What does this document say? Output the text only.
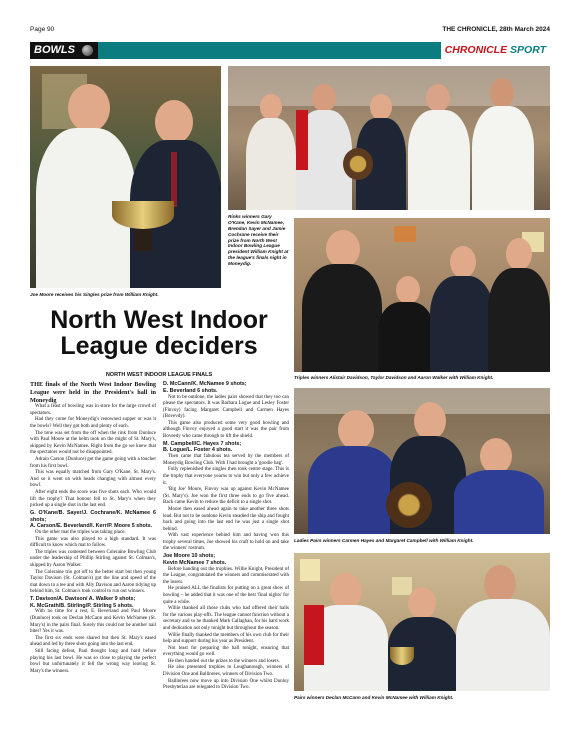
Page 90	THE CHRONICLE, 28th March 2024
BOWLS	CHRONICLE SPORT
Joe Moore receives his Singles prize from William Knight.
Rinks winners Gary O'Kane, Kevin McNamee, Brendan Sayer and Jamie Cochrane receive their prize from North West Indoor Bowling League president William Knight at the league's finals night in Moneydig.
Triples winners Alistair Davidson, Taylor Davidson and Aaron Walker with William Knight.
Ladies Pairs winners Carmen Hayes and Margaret Campbell with William Knight.
Pairs winners Declan McCann and Kevin McNamee with William Knight.
North West Indoor League deciders
NORTH WEST INDOOR LEAGUE FINALS

THE finals of the North West Indoor Bowling League were held in the President's hall in Moneydig

What a feast of bowling was in store for the large crowd of spectators.

Had they come for Moneydig's renowned supper or was it the bowls? Well they got both and plenty of each.

The tone was set from the off when the rink from Dunluce with Paul Moore at the helm took on the might of St. Mary's, skipped by Kevin McNamee. Right from the go we knew that the spectators would not be disappointed.

Adrain Carson (Dunluce) got the game going with a toucher from his first bowl.

This was equally matched from Gary O'Kane, St. Mary's. And so it went on with heads changing with almost every bowl.

After eight ends the score was five shots each. Who would lift the trophy? That honour fell to St. Mary's when they picked up a single shot in the last end.

G. O'Kane/B. Sayer/J. Cochrane/K. McNamee 6 shots;

A. Carson/E. Beverland/I. Kerr/P. Moore 5 shots.

On the other mat the triples was taking place.

This game was also played to a high standard. It was difficult to know which mat to follow.

The triples was contested between Coleraine Bowling Club under the leadership of Phillip Stirling against St. Colman's, skipped by Aaron Walker.

The Coleraine trio got off to the better start but then young Taylor Davison (St. Colman's) got the line and speed of the mat down to a tee and with Ally Davison and Aaron tidying up behind him, St. Colman's took control to run out winners.

T. Davison/A. Davison/ A. Walker 9 shots;

K. McGrath/B. Stirling/P. Stirling 5 shots.

With no time for a rest, E. Beverland and Paul Moore (Dunluce) took on Declan McCann and Kevin McNamee (St. Mary's) in the pairs final. Surely this could not be another nail biter? Yes it was.

The first six ends were shared but then St. Mary's eased ahead and led by three shots going into the last end.

Still facing defeat, Paul thought long and hard before playing his last bowl. He was so close to playing the perfect bowl but unfortunately it fell the wrong way leaving St. Mary's the winners.

D. McCann/K. McNamee 9 shots;

E. Beverland 6 shots.

Not to be outdone, the ladies pairs showed that they too can please the spectators. It was Barbara Logue and Lesley Foster (Finvoy) facing Margaret Campbell and Carmen Hayes (Bovevdy).

This game also produced some very good bowling and although Finvoy enjoyed a good start it was the pair from Boveedy who came through to lift the shield.

M. Campbell/C. Hayes 7 shots;

B. Logue/L. Foster 4 shots.

Then came that fabulous tea served by the members of Moneydig Bowling Club. With I had brought a 'goodie bag'.

Fully replenished the singles then took centre stage. This is the trophy that everyone yearns to win but only a few achieve it.

'Big Joe' Moore, Finvoy was up against Kevin McNamee (St. Mary's). Joe won the first three ends to go five ahead. Back came Kevin to reduce the deficit to a single shot.

Moore then eased ahead again to take another three shots lead. But not to be outdone Kevin steadied the ship and fought back and going into the last end he was just a single shot behind.

With vast experience behind him and having won this trophy several times, Joe showed his craft to hold on and take the winners' rostrum.

Joe Moore 10 shots;

Kevin McNamee 7 shots.

Before handing out the trophies. Willie Knight, President of the League, congratulated the winners and commiserated with the losers.

He praised ALL the finalists for putting on a great show of bowling – he added that it was one of the best 'final nights' for quite a while.

Willie thanked all those clubs who had offered their halls for the various play-offs. The league cannot function without a secretary and so he thanked Mark Callaghan, for his hard work and dedication not only tonight but throughout the season.

Willie finally thanked the members of his own club for their help and support during his year as President.

Not least for preparing the hall tonight, ensuring that everything would go well.

He then handed out the prizes to the winners and losers.

He also presented trophies to Loughanreagh, winners of Division One and Ballinrees, winners of Division Two.

Ballinrees now move up into Division One whilst Dunluy Presbyterian are relegated to Division Two.
